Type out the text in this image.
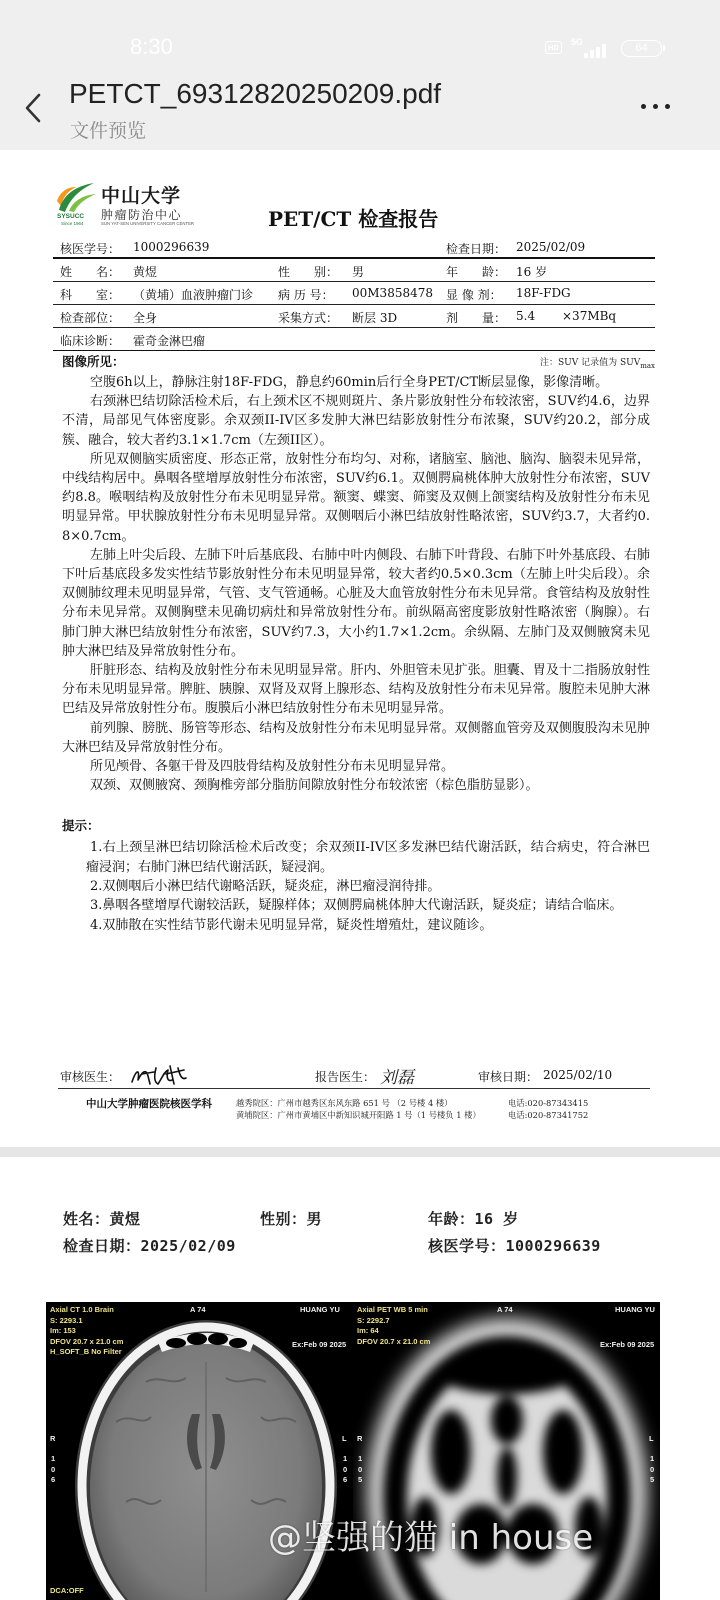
8:30	HD
5G	64
PETCT_69312820250209.pdf
文件预览
SYSUCC
Since 1964
中山大学
肿瘤防治中心
SUN YAT-SEN UNIVERSITY CANCER CENTER	PET/CT 检查报告
核医学号： 1000296639	检查日期： 2025/02/09
姓　　名： 黄煜	性　　别： 男	年　　龄： 16 岁
科　　室： （黄埔）血液肿瘤门诊 病 历 号： 00M3858478 显 像 剂： 18F-FDG
检查部位： 全身	采集方式： 断层 3D	剂　　量： 5.4 ×37MBq
临床诊断： 霍奇金淋巴瘤
图像所见：	注：SUV 记录值为 $SUV_{max}$

空腹6h以上，静脉注射18F-FDG，静息约60min后行全身PET/CT断层显像，影像清晰。

右颈淋巴结切除活检术后，右上颈术区不规则斑片、条片影放射性分布较浓密，SUV约4.6，边界不清，局部见气体密度影。余双颈II-IV区多发肿大淋巴结影放射性分布浓聚，SUV约20.2，部分成簇、融合，较大者约3.1×1.7cm（左颈II区）。

所见双侧脑实质密度、形态正常，放射性分布均匀、对称，诸脑室、脑池、脑沟、脑裂未见异常，中线结构居中。鼻咽各壁增厚放射性分布浓密，SUV约6.1。双侧腭扁桃体肿大放射性分布浓密，SUV约8.8。喉咽结构及放射性分布未见明显异常。额窦、蝶窦、筛窦及双侧上颌窦结构及放射性分布未见明显异常。甲状腺放射性分布未见明显异常。双侧咽后小淋巴结放射性略浓密，SUV约3.7，大者约0.8×0.7cm。

左肺上叶尖后段、左肺下叶后基底段、右肺中叶内侧段、右肺下叶背段、右肺下叶外基底段、右肺下叶后基底段多发实性结节影放射性分布未见明显异常，较大者约0.5×0.3cm（左肺上叶尖后段）。余双侧肺纹理未见明显异常，气管、支气管通畅。心脏及大血管放射性分布未见异常。食管结构及放射性分布未见异常。双侧胸壁未见确切病灶和异常放射性分布。前纵隔高密度影放射性略浓密（胸腺）。右肺门肿大淋巴结放射性分布浓密，SUV约7.3，大小约1.7×1.2cm。余纵隔、左肺门及双侧腋窝未见肿大淋巴结及异常放射性分布。

肝脏形态、结构及放射性分布未见明显异常。肝内、外胆管未见扩张。胆囊、胃及十二指肠放射性分布未见明显异常。脾脏、胰腺、双肾及双肾上腺形态、结构及放射性分布未见异常。腹腔未见肿大淋巴结及异常放射性分布。腹膜后小淋巴结放射性分布未见明显异常。

前列腺、膀胱、肠管等形态、结构及放射性分布未见明显异常。双侧髂血管旁及双侧腹股沟未见肿大淋巴结及异常放射性分布。

所见颅骨、各躯干骨及四肢骨结构及放射性分布未见明显异常。

双颈、双侧腋窝、颈胸椎旁部分脂肪间隙放射性分布较浓密（棕色脂肪显影）。

提示：
1.右上颈呈淋巴结切除活检术后改变；余双颈II-IV区多发淋巴结代谢活跃，结合病史，符合淋巴瘤浸润；右肺门淋巴结代谢活跃，疑浸润。
2.双侧咽后小淋巴结代谢略活跃，疑炎症，淋巴瘤浸润待排。
3.鼻咽各壁增厚代谢较活跃，疑腺样体；双侧腭扁桃体肿大代谢活跃，疑炎症；请结合临床。
4.双肺散在实性结节影代谢未见明显异常，疑炎性增殖灶，建议随诊。
审核医生：	报告医生： 刘磊	审核日期： 2025/02/10
中山大学肿瘤医院核医学科	越秀院区：广州市越秀区东风东路 651 号 （2 号楼 4 楼）	电话:020-87343415
黄埔院区：广州市黄埔区中新知识城开阳路 1 号（1 号楼负 1 楼）	电话:020-87341752
姓名：黄煜	性别：男	年龄：16 岁
检查日期：2025/02/09	核医学号：1000296639
Axial CT 1.0 Brain
S: 2293.1
Im: 153
DFOV 20.7 x 21.0 cm
H_SOFT_B No Filter
A 74	HUANG YU
Ex:Feb 09 2025
R
1
0
6
L
1
0
6
DCA:OFF
Axial PET WB 5 min
S: 2292.7
Im: 64
DFOV 20.7 x 21.0 cm
A 74	HUANG YU
Ex:Feb 09 2025
R
1
0
5
L
1
0
5
@坚强的猫 in house
